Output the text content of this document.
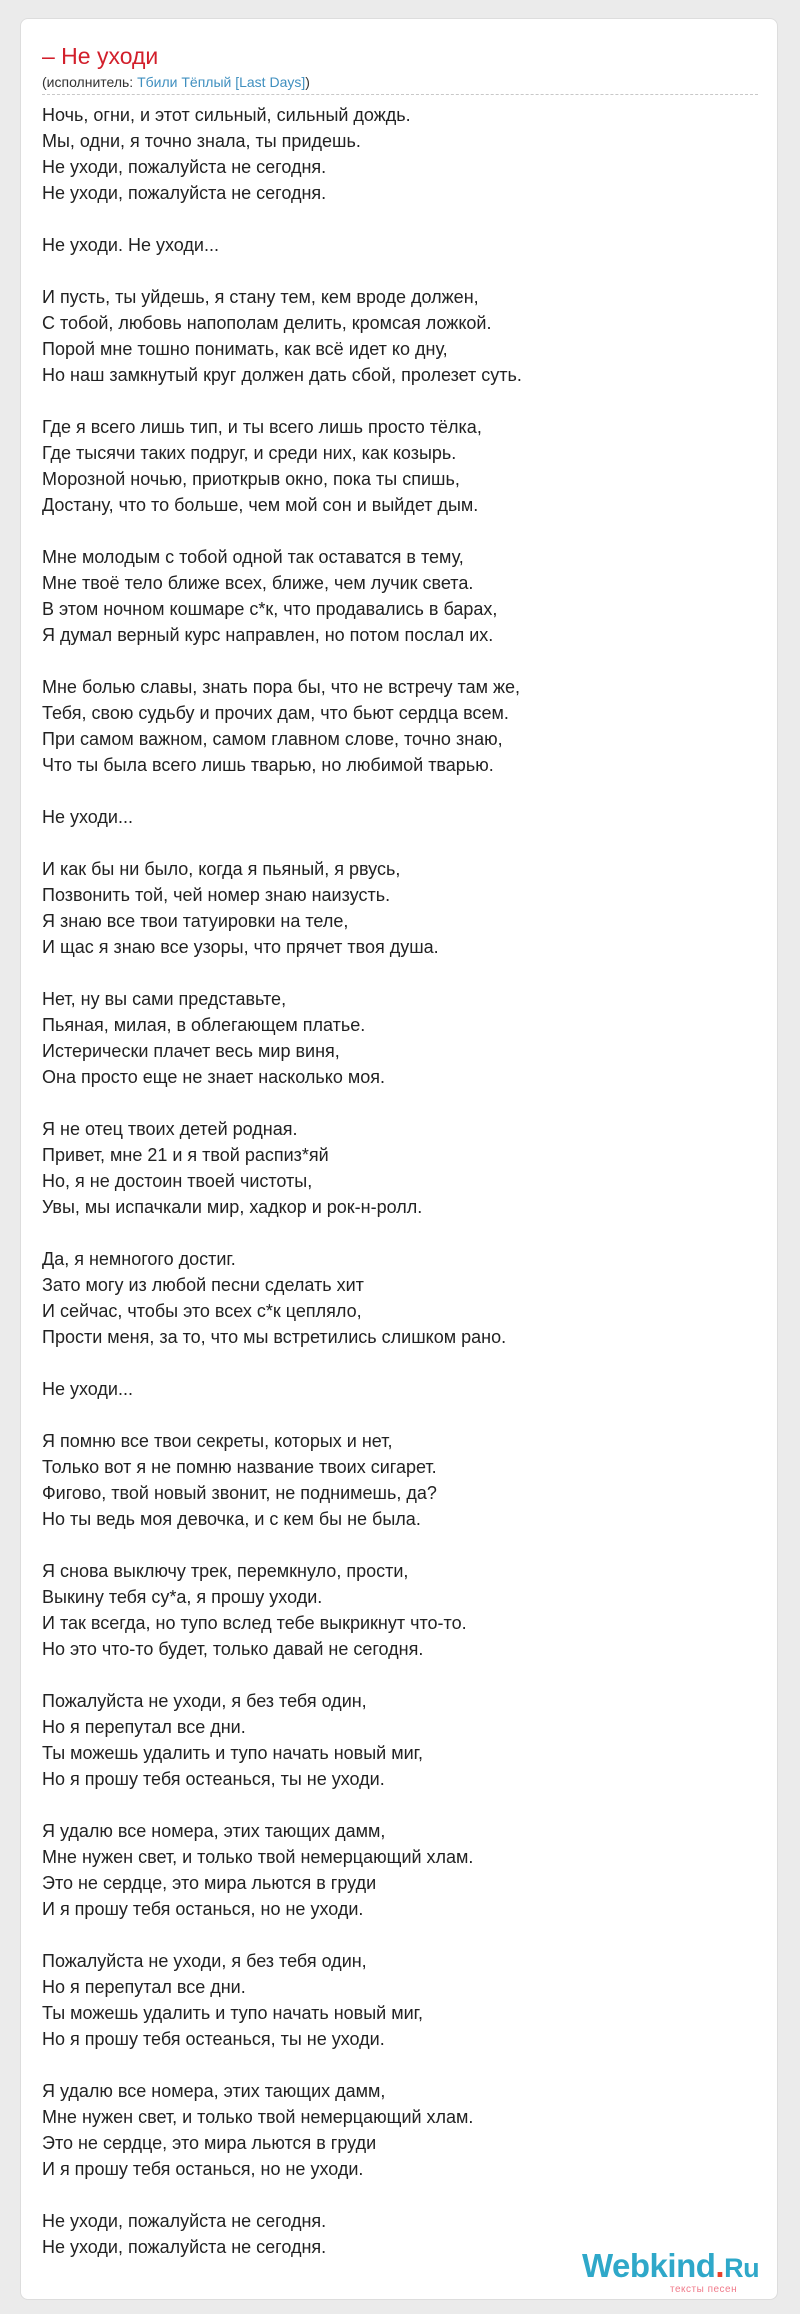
– Не уходи
(исполнитель: Тбили Тёплый [Last Days])
Ночь, огни, и этот сильный, сильный дождь.
Мы, одни, я точно знала, ты придешь.
Не уходи, пожалуйста не сегодня.
Не уходи, пожалуйста не сегодня.
Не уходи. Не уходи...
И пусть, ты уйдешь, я стану тем, кем вроде должен,
С тобой, любовь напополам делить, кромсая ложкой.
Порой мне тошно понимать, как всё идет ко дну,
Но наш замкнутый круг должен дать сбой, пролезет суть.
Где я всего лишь тип, и ты всего лишь просто тёлка,
Где тысячи таких подруг, и среди них, как козырь.
Морозной ночью, приоткрыв окно, пока ты спишь,
Достану, что то больше, чем мой сон и выйдет дым.
Мне молодым с тобой одной так оставатся в тему,
Мне твоё тело ближе всех, ближе, чем лучик света.
В этом ночном кошмаре с*к, что продавались в барах,
Я думал верный курс направлен, но потом послал их.
Мне болью славы, знать пора бы, что не встречу там же,
Тебя, свою судьбу и прочих дам, что бьют сердца всем.
При самом важном, самом главном слове, точно знаю,
Что ты была всего лишь тварью, но любимой тварью.
Не уходи...
И как бы ни было, когда я пьяный, я рвусь,
Позвонить той, чей номер знаю наизусть.
Я знаю все твои татуировки на теле,
И щас я знаю все узоры, что прячет твоя душа.
Нет, ну вы сами представьте,
Пьяная, милая, в облегающем платье.
Истерически плачет весь мир виня,
Она просто еще не знает насколько моя.
Я не отец твоих детей родная.
Привет, мне 21 и я твой распиз*яй
Но, я не достоин твоей чистоты,
Увы, мы испачкали мир, хадкор и рок-н-ролл.
Да, я немногого достиг.
Зато могу из любой песни сделать хит
И сейчас, чтобы это всех с*к цепляло,
Прости меня, за то, что мы встретились слишком рано.
Не уходи...
Я помню все твои секреты, которых и нет,
Только вот я не помню название твоих сигарет.
Фигово, твой новый звонит, не поднимешь, да?
Но ты ведь моя девочка, и с кем бы не была.
Я снова выключу трек, перемкнуло, прости,
Выкину тебя су*а, я прошу уходи.
И так всегда, но тупо вслед тебе выкрикнут что-то.
Но это что-то будет, только давай не сегодня.
Пожалуйста не уходи, я без тебя один,
Но я перепутал все дни.
Ты можешь удалить и тупо начать новый миг,
Но я прошу тебя остеанься, ты не уходи.
Я удалю все номера, этих тающих дамм,
Мне нужен свет, и только твой немерцающий хлам.
Это не сердце, это мира льются в груди
И я прошу тебя останься, но не уходи.
Пожалуйста не уходи, я без тебя один,
Но я перепутал все дни.
Ты можешь удалить и тупо начать новый миг,
Но я прошу тебя остеанься, ты не уходи.
Я удалю все номера, этих тающих дамм,
Мне нужен свет, и только твой немерцающий хлам.
Это не сердце, это мира льются в груди
И я прошу тебя останься, но не уходи.
Не уходи, пожалуйста не сегодня.
Не уходи, пожалуйста не сегодня.	Webkind.Ru
тексты песен
